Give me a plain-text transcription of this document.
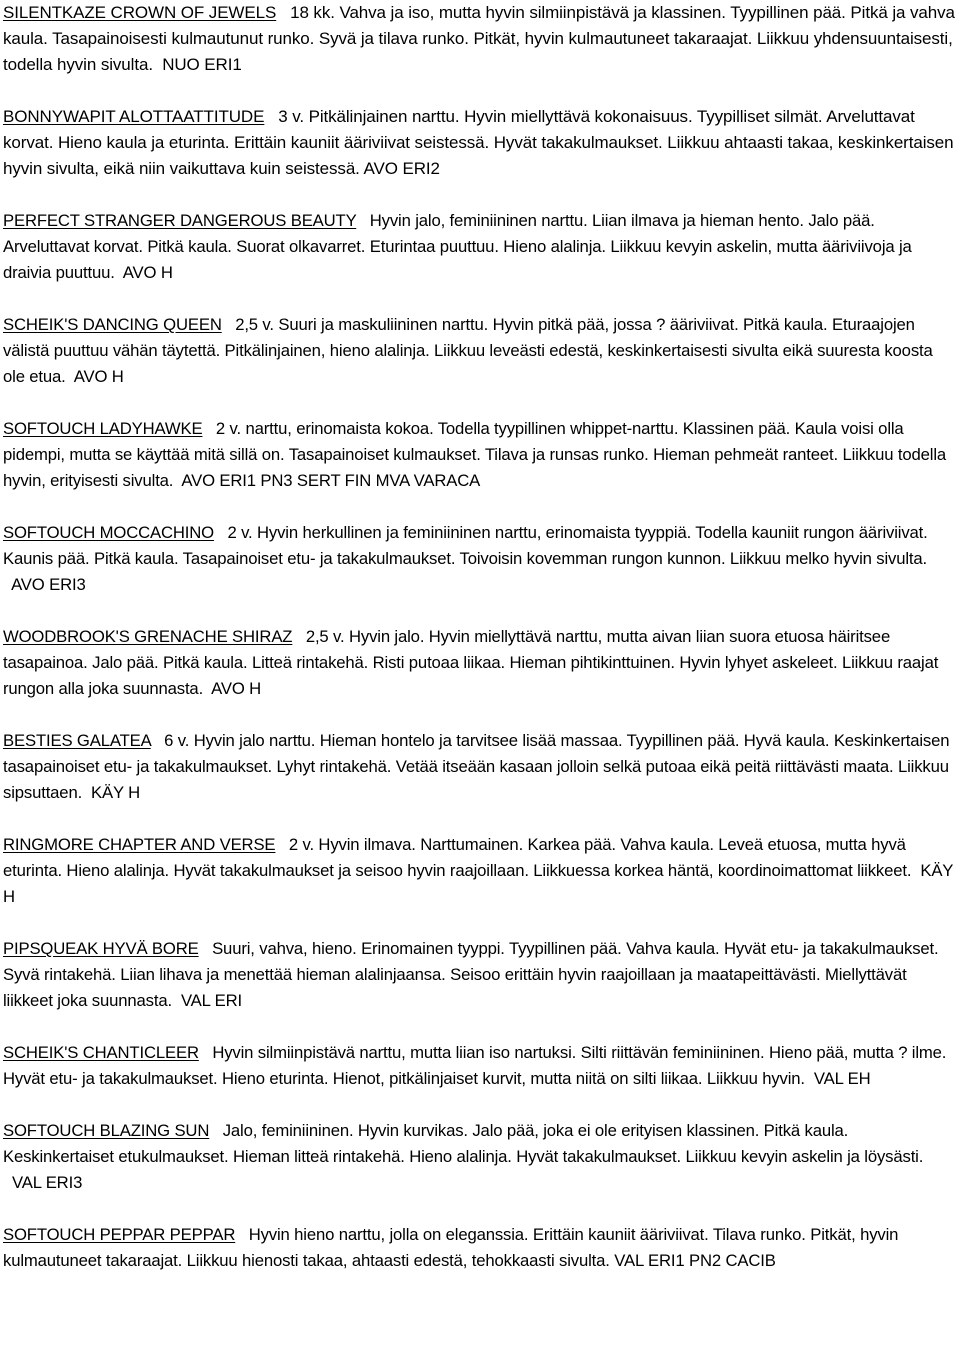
SILENTKAZE CROWN OF JEWELS 18 kk. Vahva ja iso, mutta hyvin silmiinpistävä ja klassinen. Tyypillinen pää. Pitkä ja vahva kaula. Tasapainoisesti kulmautunut runko. Syvä ja tilava runko. Pitkät, hyvin kulmautuneet takaraajat. Liikkuu yhdensuuntaisesti, todella hyvin sivulta. NUO ERI1

BONNYWAPIT ALOTTAATTITUDE 3 v. Pitkälinjainen narttu. Hyvin miellyttävä kokonaisuus. Tyypilliset silmät. Arveluttavat korvat. Hieno kaula ja eturinta. Erittäin kauniit ääriviivat seistessä. Hyvät takakulmaukset. Liikkuu ahtaasti takaa, keskinkertaisen hyvin sivulta, eikä niin vaikuttava kuin seistessä. AVO ERI2

PERFECT STRANGER DANGEROUS BEAUTY Hyvin jalo, feminiininen narttu. Liian ilmava ja hieman hento. Jalo pää. Arveluttavat korvat. Pitkä kaula. Suorat olkavarret. Eturintaa puuttuu. Hieno alalinja. Liikkuu kevyin askelin, mutta ääriviivoja ja draivia puuttuu. AVO H

SCHEIK'S DANCING QUEEN 2,5 v. Suuri ja maskuliininen narttu. Hyvin pitkä pää, jossa ? ääriviivat. Pitkä kaula. Eturaajojen välistä puuttuu vähän täytettä. Pitkälinjainen, hieno alalinja. Liikkuu leveästi edestä, keskinkertaisesti sivulta eikä suuresta koosta ole etua. AVO H

SOFTOUCH LADYHAWKE 2 v. narttu, erinomaista kokoa. Todella tyypillinen whippet-narttu. Klassinen pää. Kaula voisi olla pidempi, mutta se käyttää mitä sillä on. Tasapainoiset kulmaukset. Tilava ja runsas runko. Hieman pehmeät ranteet. Liikkuu todella hyvin, erityisesti sivulta. AVO ERI1 PN3 SERT FIN MVA VARACA

SOFTOUCH MOCCACHINO 2 v. Hyvin herkullinen ja feminiininen narttu, erinomaista tyyppiä. Todella kauniit rungon ääriviivat. Kaunis pää. Pitkä kaula. Tasapainoiset etu- ja takakulmaukset. Toivoisin kovemman rungon kunnon. Liikkuu melko hyvin sivulta.  AVO ERI3

WOODBROOK'S GRENACHE SHIRAZ 2,5 v. Hyvin jalo. Hyvin miellyttävä narttu, mutta aivan liian suora etuosa häiritsee tasapainoa. Jalo pää. Pitkä kaula. Litteä rintakehä. Risti putoaa liikaa. Hieman pihtikinttuinen. Hyvin lyhyet askeleet. Liikkuu raajat rungon alla joka suunnasta. AVO H

BESTIES GALATEA 6 v. Hyvin jalo narttu. Hieman hontelo ja tarvitsee lisää massaa. Tyypillinen pää. Hyvä kaula. Keskinkertaisen tasapainoiset etu- ja takakulmaukset. Lyhyt rintakehä. Vetää itseään kasaan jolloin selkä putoaa eikä peitä riittävästi maata. Liikkuu sipsuttaen. KÄY H

RINGMORE CHAPTER AND VERSE 2 v. Hyvin ilmava. Narttumainen. Karkea pää. Vahva kaula. Leveä etuosa, mutta hyvä eturinta. Hieno alalinja. Hyvät takakulmaukset ja seisoo hyvin raajoillaan. Liikkuessa korkea häntä, koordinoimattomat liikkeet. KÄY H

PIPSQUEAK HYVÄ BORE Suuri, vahva, hieno. Erinomainen tyyppi. Tyypillinen pää. Vahva kaula. Hyvät etu- ja takakulmaukset. Syvä rintakehä. Liian lihava ja menettää hieman alalinjaansa. Seisoo erittäin hyvin raajoillaan ja maatapeittävästi. Miellyttävät liikkeet joka suunnasta. VAL ERI

SCHEIK'S CHANTICLEER Hyvin silmiinpistävä narttu, mutta liian iso nartuksi. Silti riittävän feminiininen. Hieno pää, mutta ? ilme. Hyvät etu- ja takakulmaukset. Hieno eturinta. Hienot, pitkälinjaiset kurvit, mutta niitä on silti liikaa. Liikkuu hyvin. VAL EH

SOFTOUCH BLAZING SUN Jalo, feminiininen. Hyvin kurvikas. Jalo pää, joka ei ole erityisen klassinen. Pitkä kaula. Keskinkertaiset etukulmaukset. Hieman litteä rintakehä. Hieno alalinja. Hyvät takakulmaukset. Liikkuu kevyin askelin ja löysästi.  VAL ERI3

SOFTOUCH PEPPAR PEPPAR Hyvin hieno narttu, jolla on eleganssia. Erittäin kauniit ääriviivat. Tilava runko. Pitkät, hyvin kulmautuneet takaraajat. Liikkuu hienosti takaa, ahtaasti edestä, tehokkaasti sivulta. VAL ERI1 PN2 CACIB
